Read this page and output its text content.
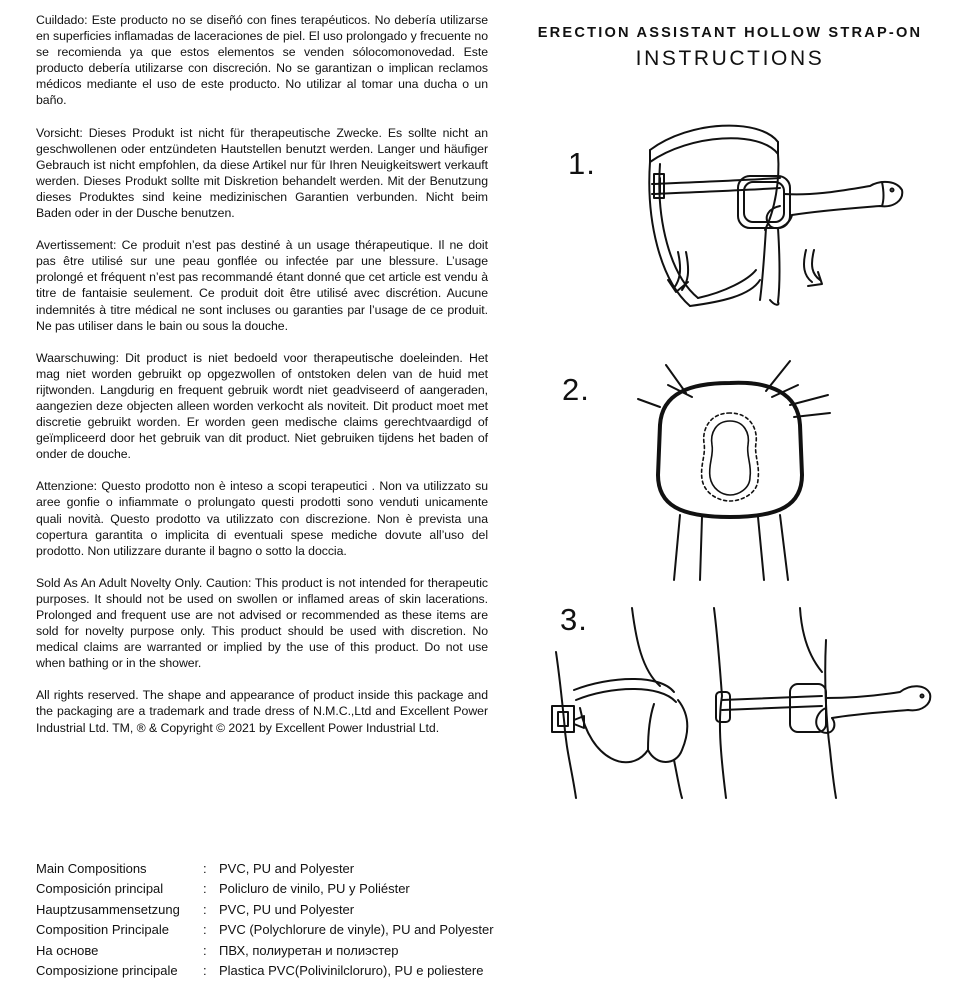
Cuildado: Este producto no se diseñó con fines terapéuticos. No debería utilizarse en superficies inflamadas de laceraciones de piel. El uso prolongado y frecuente no se recomienda ya que estos elementos se venden sólocomonovedad. Este producto debería utilizarse con discreción. No se garantizan o implican reclamos médicos mediante el uso de este producto. No utilizar al tomar una ducha o un baño.

Vorsicht: Dieses Produkt ist nicht für therapeutische Zwecke. Es sollte nicht an geschwollenen oder entzündeten Hautstellen benutzt werden. Langer und häufiger Gebrauch ist nicht empfohlen, da diese Artikel nur für Ihren Neuigkeitswert verkauft werden. Dieses Produkt sollte mit Diskretion behandelt werden. Mit der Benutzung dieses Produktes sind keine medizinischen Garantien verbunden. Nicht beim Baden oder in der Dusche benutzen.

Avertissement: Ce produit n’est pas destiné à un usage thérapeutique. Il ne doit pas être utilisé sur une peau gonflée ou infectée par une blessure. L’usage prolongé et fréquent n’est pas recommandé étant donné que cet article est vendu à titre de fantaisie seulement. Ce produit doit être utilisé avec discrétion. Aucune indemnités à titre médical ne sont incluses ou garanties par l’usage de ce produit. Ne pas utiliser dans le bain ou sous la douche.

Waarschuwing: Dit product is niet bedoeld voor therapeutische doeleinden. Het mag niet worden gebruikt op opgezwollen of ontstoken delen van de huid met rijtwonden. Langdurig en frequent gebruik wordt niet geadviseerd of aangeraden, aangezien deze objecten alleen worden verkocht als noviteit. Dit product moet met discretie gebruikt worden. Er worden geen medische claims gerechtvaardigd of geïmpliceerd door het gebruik van dit product. Niet gebruiken tijdens het baden of onder de douche.

Attenzione: Questo prodotto non è inteso a scopi terapeutici . Non va utilizzato su aree gonfie o infiammate o prolungato questi prodotti sono venduti unicamente quali novità. Questo prodotto va utilizzato con discrezione. Non è prevista una copertura garantita o implicita di eventuali spese mediche dovute all’uso del prodotto. Non utilizzare durante il bagno o sotto la doccia.

Sold As An Adult Novelty Only. Caution: This product is not intended for therapeutic purposes. It should not be used on swollen or inflamed areas of skin lacerations. Prolonged and frequent use are not advised or recommended as these items are sold for novelty purpose only. This product should be used with discretion. No medical claims are warranted or implied by the use of this product. Do not use when bathing or in the shower.

All rights reserved. The shape and appearance of product inside this package and the packaging are a trademark and trade dress of N.M.C.,Ltd and Excellent Power Industrial Ltd. TM, ® & Copyright © 2021 by Excellent Power Industrial Ltd.

Main Compositions	:	PVC, PU and Polyester
Composición principal	:	Policluro de vinilo, PU y Poliéster
Hauptzusammensetzung	:	PVC, PU und Polyester
Composition Principale	:	PVC (Polychlorure de vinyle), PU and Polyester
На основе	:	ПВХ, полиуретан и полиэстер
Composizione principale	:	Plastica PVC(Polivinilcloruro), PU e poliestere
ERECTION ASSISTANT HOLLOW STRAP-ON
INSTRUCTIONS
1.
2.
3.
